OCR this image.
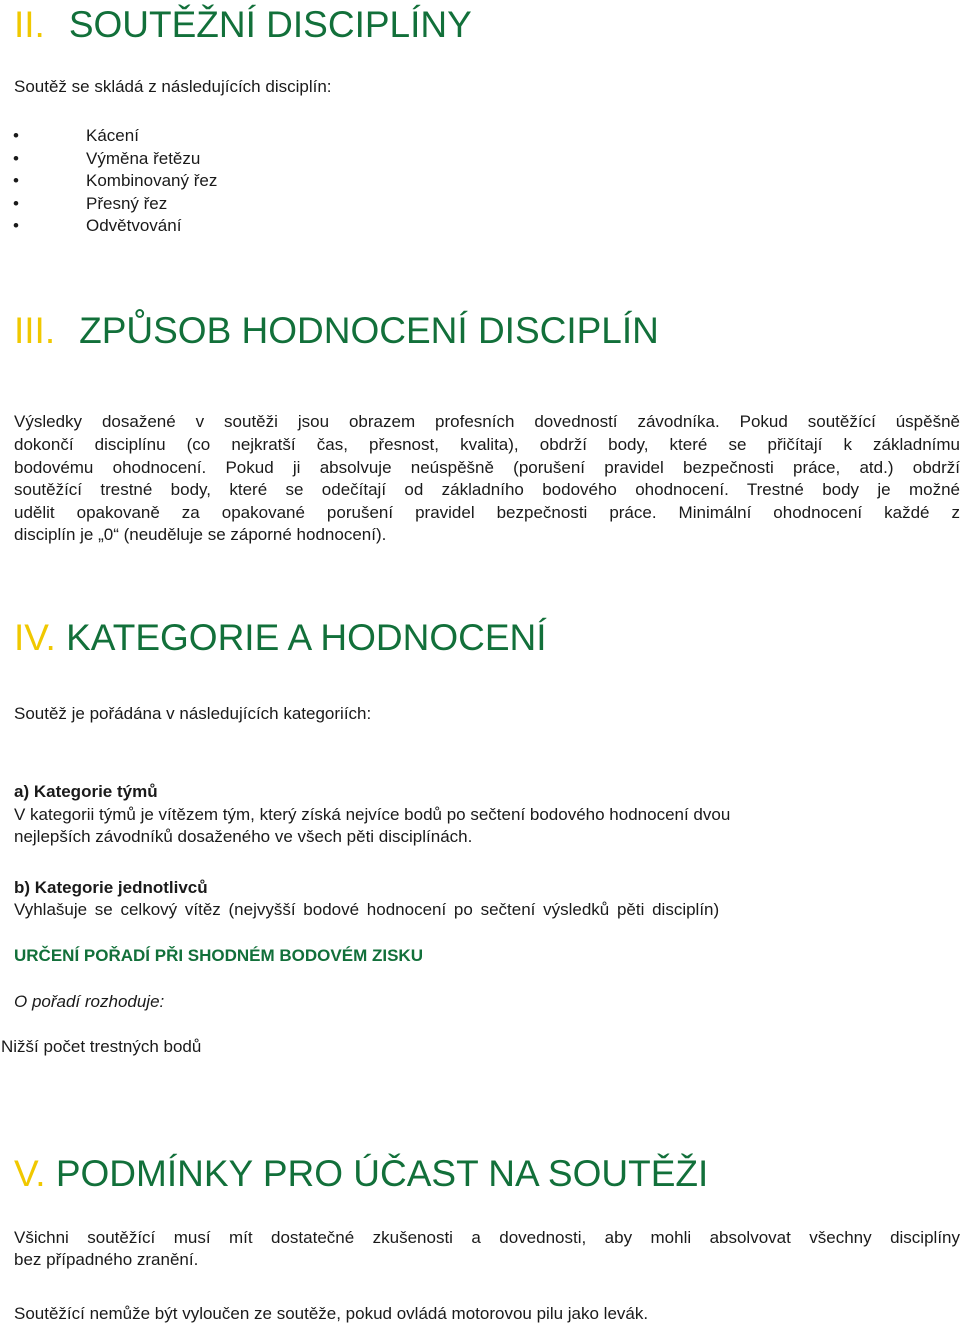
II. SOUTĚŽNÍ DISCIPLÍNY

Soutěž se skládá z následujících disciplín:

•	Kácení
•	Výměna řetězu
•	Kombinovaný řez
•	Přesný řez
•	Odvětvování
III. ZPŮSOB HODNOCENÍ DISCIPLÍN

Výsledky dosažené v soutěži jsou obrazem profesních dovedností závodníka. Pokud soutěžící úspěšně

dokončí disciplínu (co nejkratší čas, přesnost, kvalita), obdrží body, které se přičítají k základnímu

bodovému ohodnocení. Pokud ji absolvuje neúspěšně (porušení pravidel bezpečnosti práce, atd.) obdrží

soutěžící trestné body, které se odečítají od základního bodového ohodnocení. Trestné body je možné

udělit opakovaně za opakované porušení pravidel bezpečnosti práce. Minimální ohodnocení každé z

disciplín je „0“ (neuděluje se záporné hodnocení).

IV. KATEGORIE A HODNOCENÍ

Soutěž je pořádána v následujících kategoriích:

a) Kategorie týmů

V kategorii týmů je vítězem tým, který získá nejvíce bodů po sečtení bodového hodnocení dvou

nejlepších závodníků dosaženého ve všech pěti disciplínách.

b) Kategorie jednotlivců

Vyhlašuje se celkový vítěz (nejvyšší bodové hodnocení po sečtení výsledků pěti disciplín)

URČENÍ POŘADÍ PŘI SHODNÉM BODOVÉM ZISKU

O pořadí rozhoduje:

Nižší počet trestných bodů

V. PODMÍNKY PRO ÚČAST NA SOUTĚŽI

Všichni soutěžící musí mít dostatečné zkušenosti a dovednosti, aby mohli absolvovat všechny disciplíny

bez případného zranění.

Soutěžící nemůže být vyloučen ze soutěže, pokud ovládá motorovou pilu jako levák.
